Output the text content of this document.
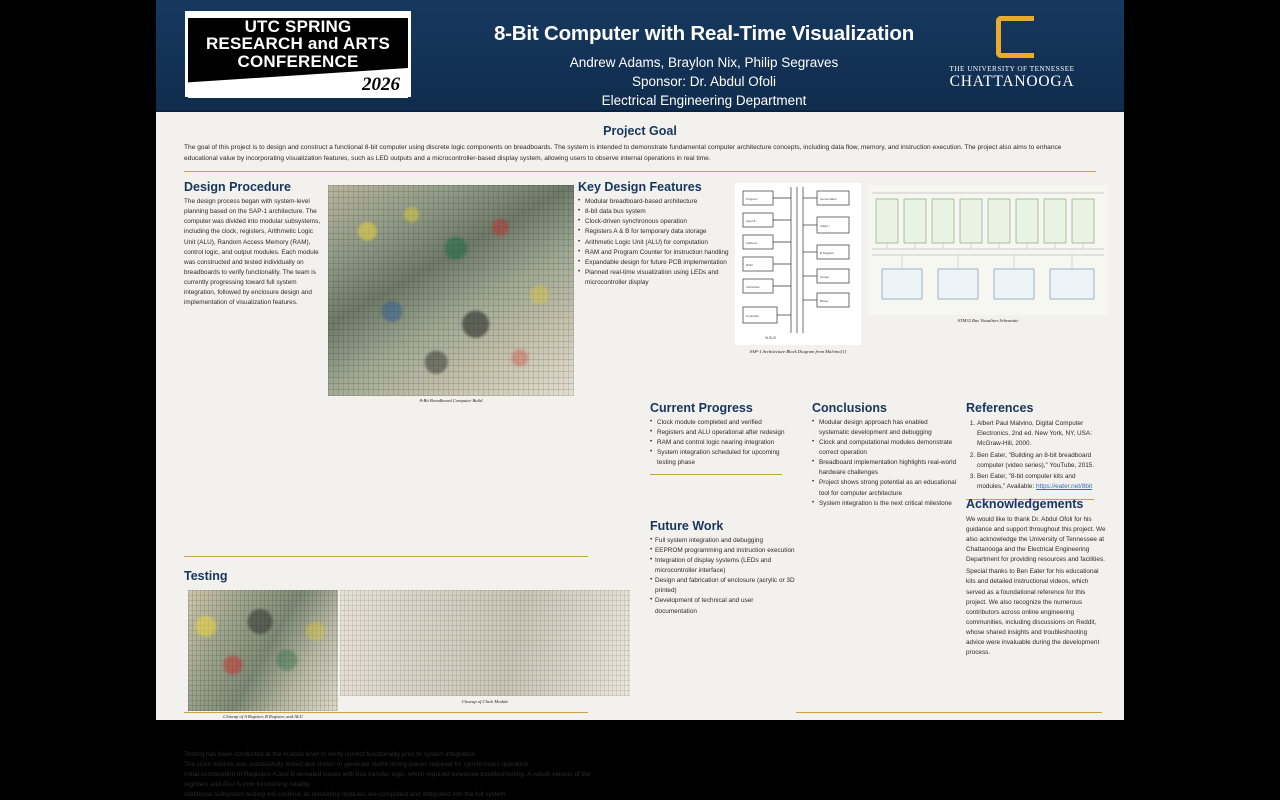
UTC SPRING
RESEARCH and ARTS
CONFERENCE
2026
8-Bit Computer with Real-Time Visualization
Andrew Adams, Braylon Nix, Philip Segraves
Sponsor: Dr. Abdul Ofoli
Electrical Engineering Department
THE UNIVERSITY OF TENNESSEE
CHATTANOOGA
Project Goal
The goal of this project is to design and construct a functional 8-bit computer using discrete logic components on breadboards. The system is intended to demonstrate fundamental computer architecture concepts, including data flow, memory, and instruction execution. The project also aims to enhance educational value by incorporating visualization features, such as LED outputs and a microcontroller-based display system, allowing users to observe internal operations in real time.
Design Procedure
The design process began with system-level planning based on the SAP-1 architecture. The computer was divided into modular subsystems, including the clock, registers, Arithmetic Logic Unit (ALU), Random Access Memory (RAM), control logic, and output modules. Each module was constructed and tested individually on breadboards to verify functionality. The team is currently progressing toward full system integration, followed by enclosure design and implementation of visualization features.
8-Bit Breadboard Computer Build
Key Design Features
• Modular breadboard-based architecture
• 8-bit data bus system
• Clock-driven synchronous operation
• Registers A & B for temporary data storage
• Arithmetic Logic Unit (ALU) for computation
• RAM and Program Counter for instruction handling
• Expandable design for future PCB implementation
• Planned real-time visualization using LEDs and microcontroller display
Program
Input &
Address
RAM
Instruction
Controller
Accumulator
Adder /
B Register
Output
Binary
W BUS
SAP-1 Architecture Block Diagram from Malvino[1]
STM32 Bus Visualizer Schematic
Testing
Closeup of A Register, B Register, and ALU
Closeup of Clock Module
Testing has been conducted at the module level to verify correct functionality prior to system integration.
The clock module was successfully tested and shown to generate stable timing pulses required for synchronous operation.
Initial construction of Registers A and B revealed issues with bus transfer logic, which required extensive troubleshooting. A rebuilt version of the registers and ALU is now functioning reliably.
Additional subsystem testing will continue as remaining modules are completed and integrated into the full system.
Current Progress
• Clock module completed and verified
• Registers and ALU operational after redesign
• RAM and control logic nearing integration
• System integration scheduled for upcoming testing phase
Future Work
• Full system integration and debugging
• EEPROM programming and instruction execution
• Integration of display systems (LEDs and microcontroller interface)
• Design and fabrication of enclosure (acrylic or 3D printed)
• Development of technical and user documentation
Conclusions
• Modular design approach has enabled systematic development and debugging
• Clock and computational modules demonstrate correct operation
• Breadboard implementation highlights real-world hardware challenges
• Project shows strong potential as an educational tool for computer architecture
• System integration is the next critical milestone
References
1. Albert Paul Malvino, Digital Computer Electronics, 2nd ed. New York, NY, USA: McGraw-Hill, 2000.
2. Ben Eater, "Building an 8-bit breadboard computer (video series)," YouTube, 2015.
3. Ben Eater, "8-bit computer kits and modules," Available: https://eater.net/8bit
Acknowledgements

We would like to thank Dr. Abdul Ofoli for his guidance and support throughout this project. We also acknowledge the University of Tennessee at Chattanooga and the Electrical Engineering Department for providing resources and facilities.

Special thanks to Ben Eater for his educational kits and detailed instructional videos, which served as a foundational reference for this project. We also recognize the numerous contributors across online engineering communities, including discussions on Reddit, whose shared insights and troubleshooting advice were invaluable during the development process.
